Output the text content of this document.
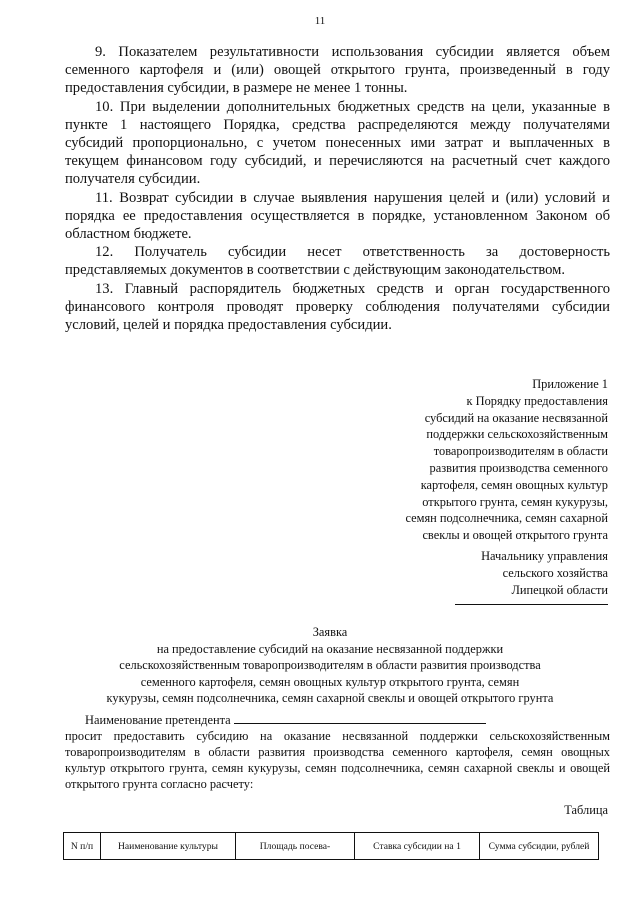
11

9. Показателем результативности использования субсидии является объем семенного картофеля и (или) овощей открытого грунта, произведенный в году предоставления субсидии, в размере не менее 1 тонны.

10. При выделении дополнительных бюджетных средств на цели, указанные в пункте 1 настоящего Порядка, средства распределяются между получателями субсидий пропорционально, с учетом понесенных ими затрат и выплаченных в текущем финансовом году субсидий, и перечисляются на расчетный счет каждого получателя субсидии.

11. Возврат субсидии в случае выявления нарушения целей и (или) условий и порядка ее предоставления осуществляется в порядке, установленном Законом об областном бюджете.

12. Получатель субсидии несет ответственность за достоверность представляемых документов в соответствии с действующим законодательством.

13. Главный распорядитель бюджетных средств и орган государственного финансового контроля проводят проверку соблюдения получателями субсидии условий, целей и порядка предоставления субсидии.

Приложение 1
к Порядку предоставления
субсидий на оказание несвязанной
поддержки сельскохозяйственным
товаропроизводителям в области
развития производства семенного
картофеля, семян овощных культур
открытого грунта, семян кукурузы,
семян подсолнечника, семян сахарной
свеклы и овощей открытого грунта
Начальнику управления
сельского хозяйства
Липецкой области
Заявка
на предоставление субсидий на оказание несвязанной поддержки
сельскохозяйственным товаропроизводителям в области развития производства
семенного картофеля, семян овощных культур открытого грунта, семян
кукурузы, семян подсолнечника, семян сахарной свеклы и овощей открытого грунта
Наименование претендента

просит предоставить субсидию на оказание несвязанной поддержки сельскохозяйственным товаропроизводителям в области развития производства семенного картофеля, семян овощных культур открытого грунта, семян кукурузы, семян подсолнечника, семян сахарной свеклы и овощей открытого грунта согласно расчету:

Таблица
N п/п	Наименование культуры	Площадь посева-	Ставка субсидии на 1	Сумма субсидии, рублей
